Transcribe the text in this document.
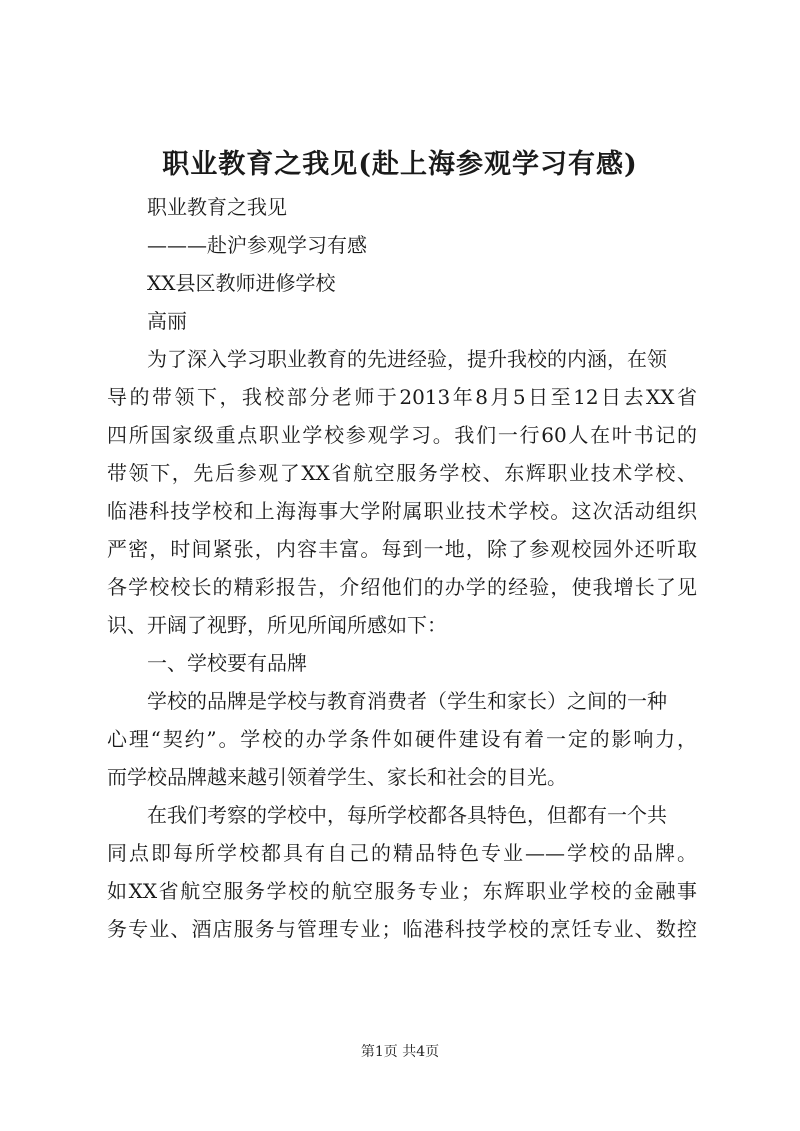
职业教育之我见(赴上海参观学习有感)

职业教育之我见

———赴沪参观学习有感

XX县区教师进修学校

高丽

为了深入学习职业教育的先进经验，提升我校的内涵，在领

导的带领下，我校部分老师于2013年8月5日至12日去XX省

四所国家级重点职业学校参观学习。我们一行60人在叶书记的

带领下，先后参观了XX省航空服务学校、东辉职业技术学校、

临港科技学校和上海海事大学附属职业技术学校。这次活动组织

严密，时间紧张，内容丰富。每到一地，除了参观校园外还听取

各学校校长的精彩报告，介绍他们的办学的经验，使我增长了见

识、开阔了视野，所见所闻所感如下：

一、学校要有品牌

学校的品牌是学校与教育消费者（学生和家长）之间的一种

心理“契约”。学校的办学条件如硬件建设有着一定的影响力，

而学校品牌越来越引领着学生、家长和社会的目光。

在我们考察的学校中，每所学校都各具特色，但都有一个共

同点即每所学校都具有自己的精品特色专业——学校的品牌。

如XX省航空服务学校的航空服务专业；东辉职业学校的金融事

务专业、酒店服务与管理专业；临港科技学校的烹饪专业、数控

第1页 共4页
